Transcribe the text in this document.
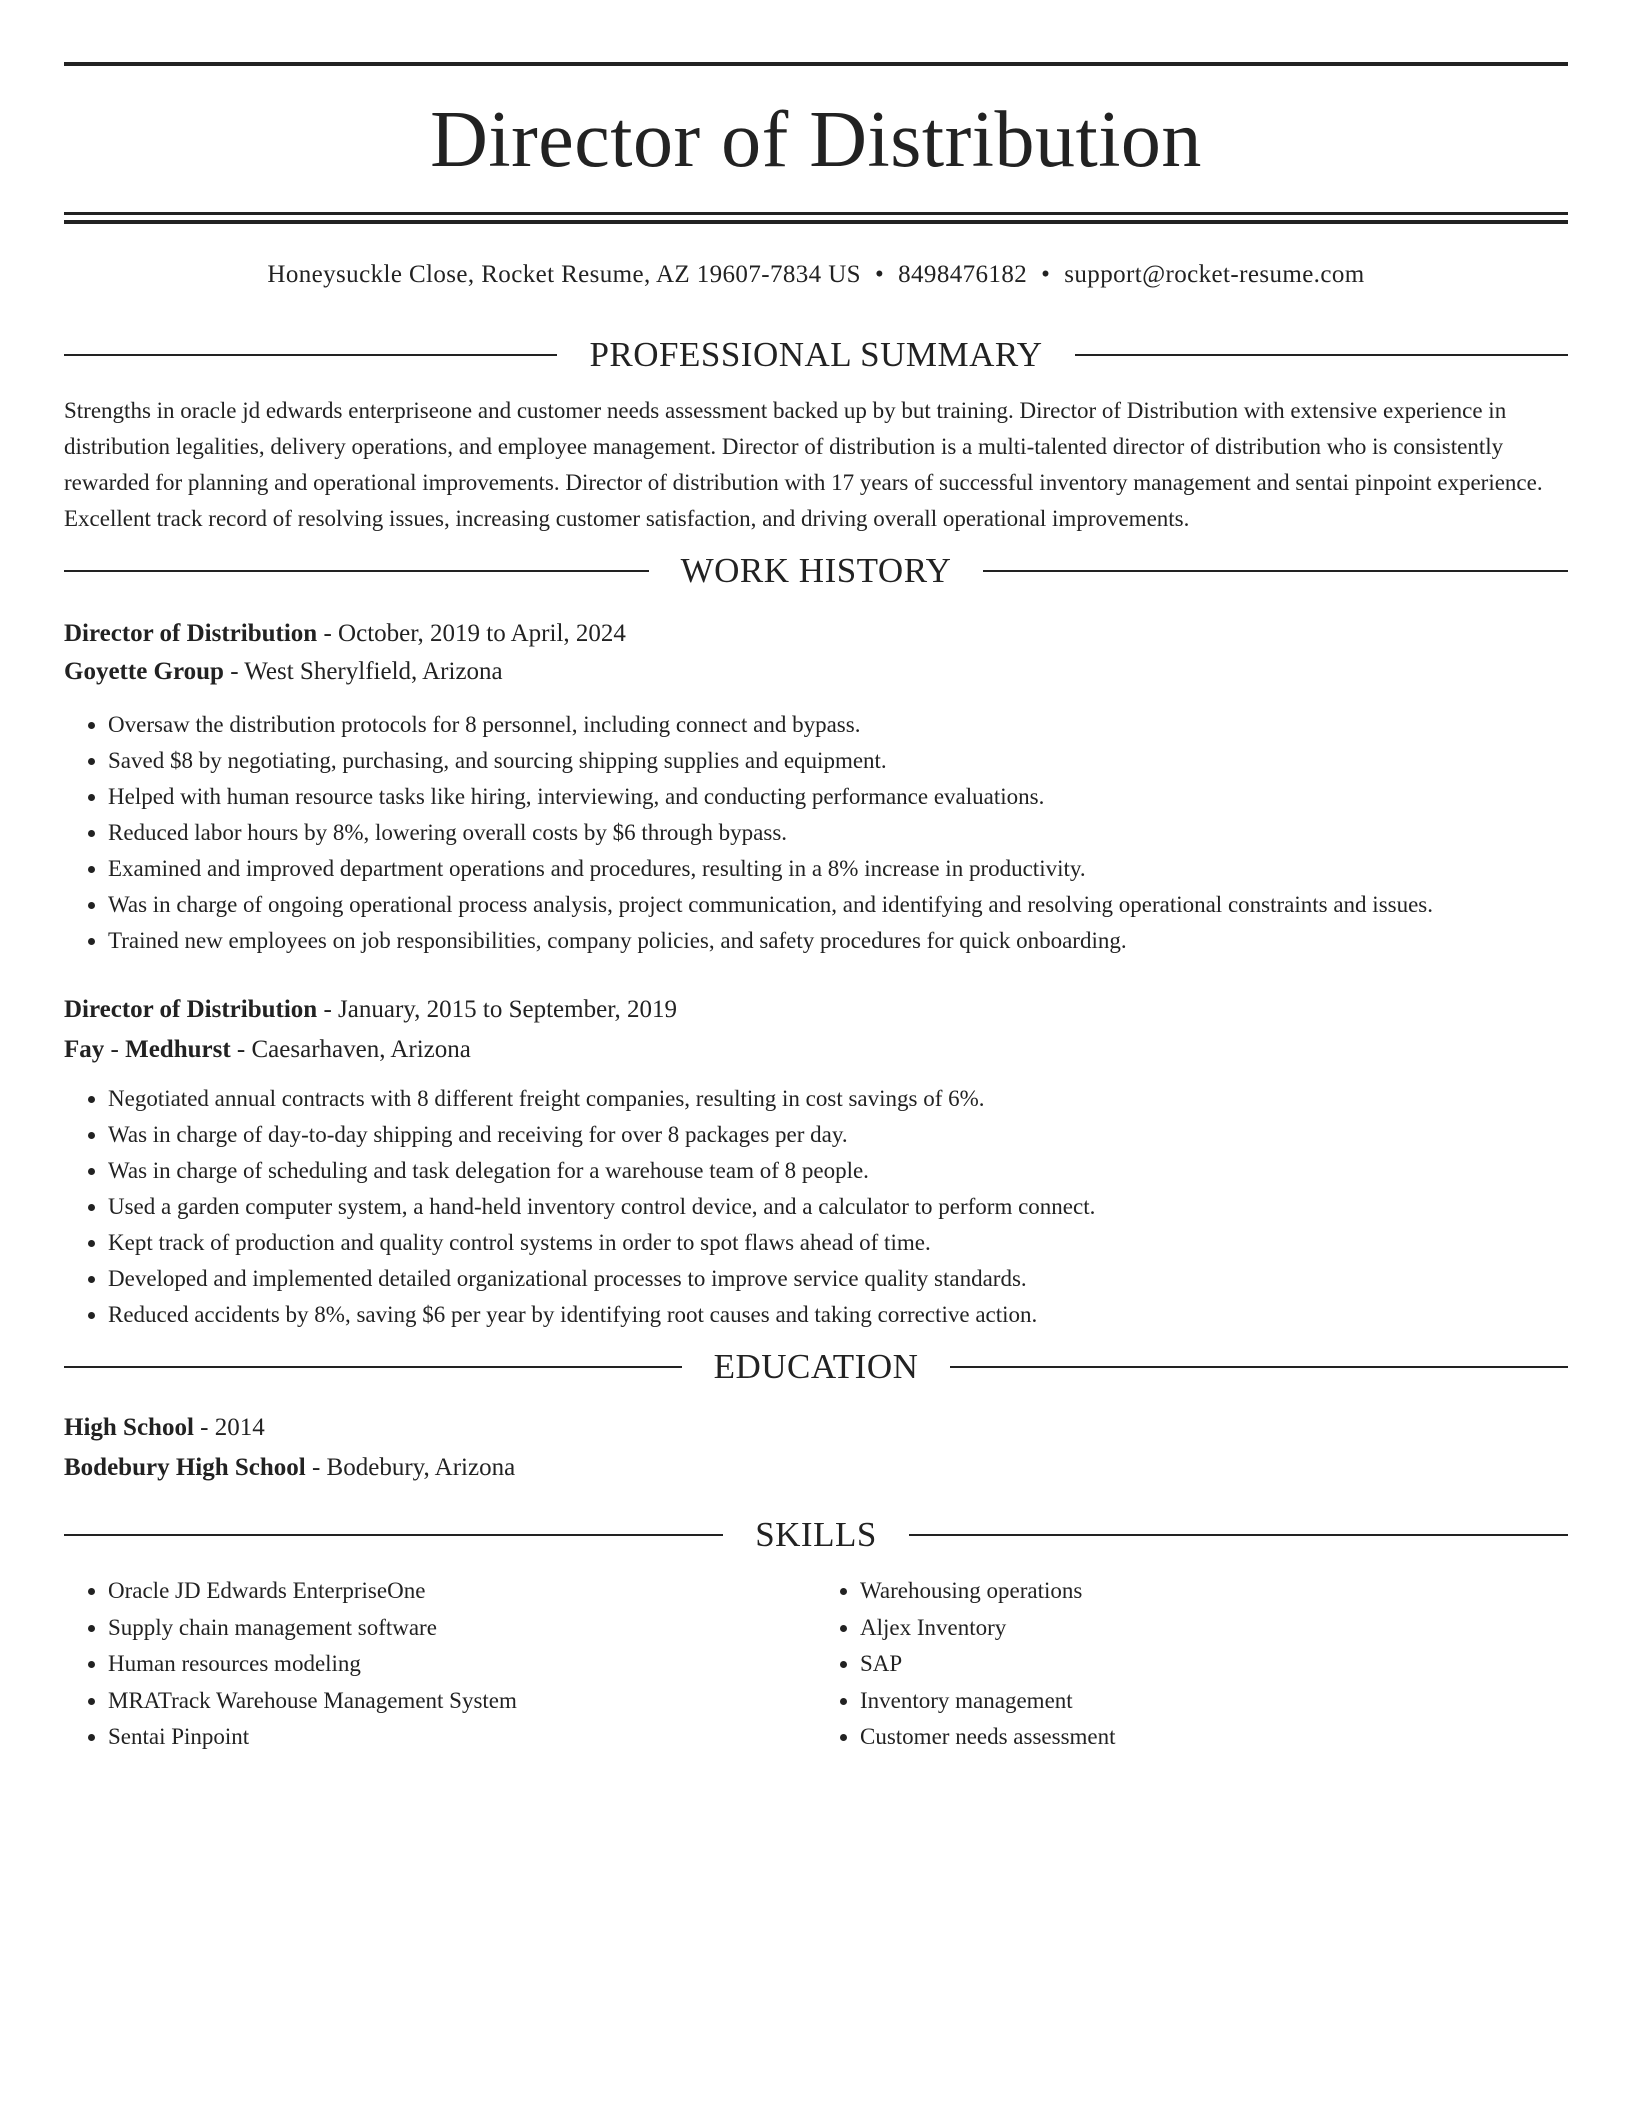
Director of Distribution
Honeysuckle Close, Rocket Resume, AZ 19607-7834 US • 8498476182 • support@rocket-resume.com
PROFESSIONAL SUMMARY

Strengths in oracle jd edwards enterpriseone and customer needs assessment backed up by but training. Director of Distribution with extensive experience in distribution legalities, delivery operations, and employee management. Director of distribution is a multi-talented director of distribution who is consistently rewarded for planning and operational improvements. Director of distribution with 17 years of successful inventory management and sentai pinpoint experience. Excellent track record of resolving issues, increasing customer satisfaction, and driving overall operational improvements.

WORK HISTORY
Director of Distribution - October, 2019 to April, 2024
Goyette Group - West Sherylfield, Arizona
• Oversaw the distribution protocols for 8 personnel, including connect and bypass.
• Saved $8 by negotiating, purchasing, and sourcing shipping supplies and equipment.
• Helped with human resource tasks like hiring, interviewing, and conducting performance evaluations.
• Reduced labor hours by 8%, lowering overall costs by $6 through bypass.
• Examined and improved department operations and procedures, resulting in a 8% increase in productivity.
• Was in charge of ongoing operational process analysis, project communication, and identifying and resolving operational constraints and issues.
• Trained new employees on job responsibilities, company policies, and safety procedures for quick onboarding.
Director of Distribution - January, 2015 to September, 2019
Fay - Medhurst - Caesarhaven, Arizona
• Negotiated annual contracts with 8 different freight companies, resulting in cost savings of 6%.
• Was in charge of day-to-day shipping and receiving for over 8 packages per day.
• Was in charge of scheduling and task delegation for a warehouse team of 8 people.
• Used a garden computer system, a hand-held inventory control device, and a calculator to perform connect.
• Kept track of production and quality control systems in order to spot flaws ahead of time.
• Developed and implemented detailed organizational processes to improve service quality standards.
• Reduced accidents by 8%, saving $6 per year by identifying root causes and taking corrective action.
EDUCATION
High School - 2014
Bodebury High School - Bodebury, Arizona
SKILLS
• Oracle JD Edwards EnterpriseOne
• Supply chain management software
• Human resources modeling
• MRATrack Warehouse Management System
• Sentai Pinpoint
• Warehousing operations
• Aljex Inventory
• SAP
• Inventory management
• Customer needs assessment
